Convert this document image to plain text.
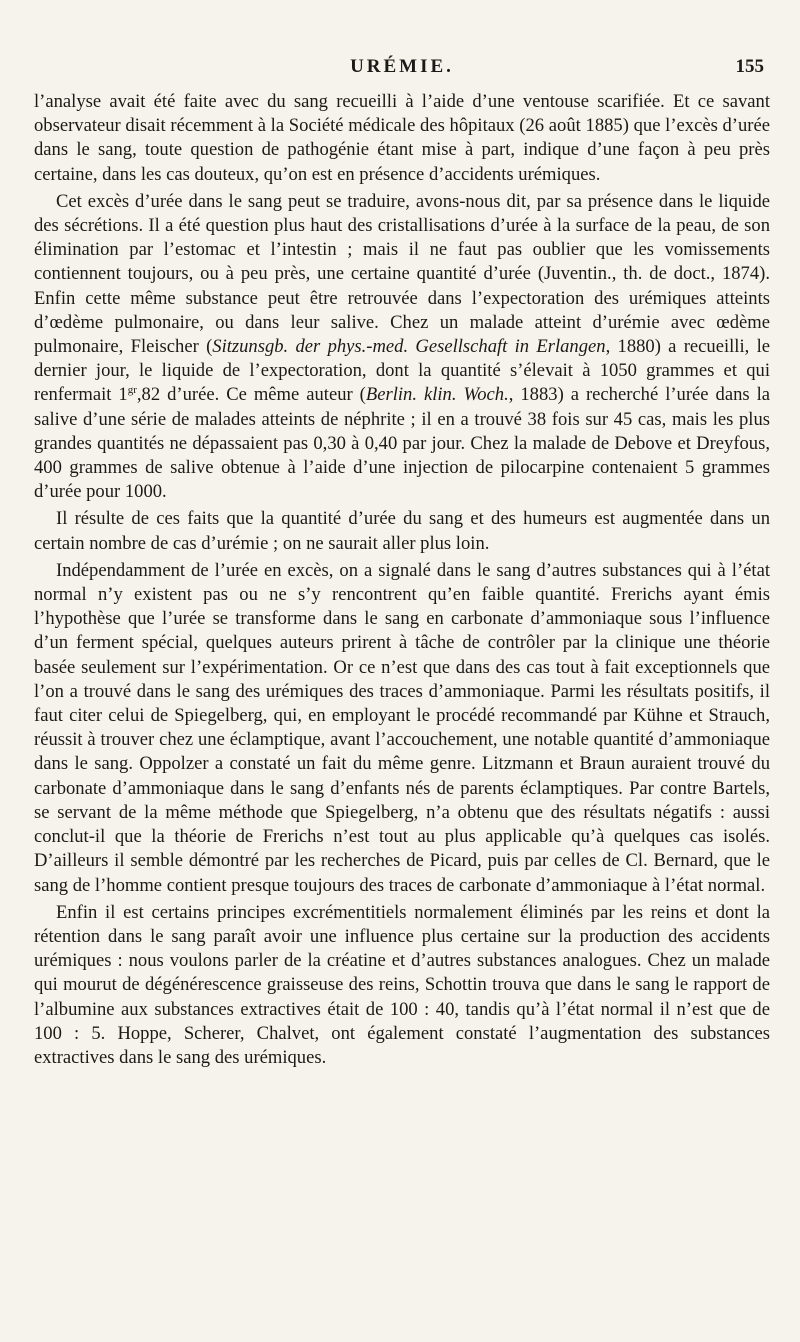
URÉMIE.	155

l’analyse avait été faite avec du sang recueilli à l’aide d’une ventouse scarifiée. Et ce savant observateur disait récemment à la Société médicale des hôpitaux (26 août 1885) que l’excès d’urée dans le sang, toute question de pathogénie étant mise à part, indique d’une façon à peu près certaine, dans les cas douteux, qu’on est en présence d’accidents urémiques.

Cet excès d’urée dans le sang peut se traduire, avons-nous dit, par sa présence dans le liquide des sécrétions. Il a été question plus haut des cristallisations d’urée à la surface de la peau, de son élimination par l’estomac et l’intestin ; mais il ne faut pas oublier que les vomissements contiennent toujours, ou à peu près, une certaine quantité d’urée (Juventin., th. de doct., 1874). Enfin cette même substance peut être retrouvée dans l’expectoration des urémiques atteints d’œdème pulmonaire, ou dans leur salive. Chez un malade atteint d’urémie avec œdème pulmonaire, Fleischer (Sitzunsgb. der phys.-med. Gesellschaft in Erlangen, 1880) a recueilli, le dernier jour, le liquide de l’expectoration, dont la quantité s’élevait à 1050 grammes et qui renfermait $1^{gr},82$ d’urée. Ce même auteur (Berlin. klin. Woch., 1883) a recherché l’urée dans la salive d’une série de malades atteints de néphrite ; il en a trouvé 38 fois sur 45 cas, mais les plus grandes quantités ne dépassaient pas 0,30 à 0,40 par jour. Chez la malade de Debove et Dreyfous, 400 grammes de salive obtenue à l’aide d’une injection de pilocarpine contenaient 5 grammes d’urée pour 1000.

Il résulte de ces faits que la quantité d’urée du sang et des humeurs est augmentée dans un certain nombre de cas d’urémie ; on ne saurait aller plus loin.

Indépendamment de l’urée en excès, on a signalé dans le sang d’autres substances qui à l’état normal n’y existent pas ou ne s’y rencontrent qu’en faible quantité. Frerichs ayant émis l’hypothèse que l’urée se transforme dans le sang en carbonate d’ammoniaque sous l’influence d’un ferment spécial, quelques auteurs prirent à tâche de contrôler par la clinique une théorie basée seulement sur l’expérimentation. Or ce n’est que dans des cas tout à fait exceptionnels que l’on a trouvé dans le sang des urémiques des traces d’ammoniaque. Parmi les résultats positifs, il faut citer celui de Spiegelberg, qui, en employant le procédé recommandé par Kühne et Strauch, réussit à trouver chez une éclamptique, avant l’accouchement, une notable quantité d’ammoniaque dans le sang. Oppolzer a constaté un fait du même genre. Litzmann et Braun auraient trouvé du carbonate d’ammoniaque dans le sang d’enfants nés de parents éclamptiques. Par contre Bartels, se servant de la même méthode que Spiegelberg, n’a obtenu que des résultats négatifs : aussi conclut-il que la théorie de Frerichs n’est tout au plus applicable qu’à quelques cas isolés. D’ailleurs il semble démontré par les recherches de Picard, puis par celles de Cl. Bernard, que le sang de l’homme contient presque toujours des traces de carbonate d’ammoniaque à l’état normal.

Enfin il est certains principes excrémentitiels normalement éliminés par les reins et dont la rétention dans le sang paraît avoir une influence plus certaine sur la production des accidents urémiques : nous voulons parler de la créatine et d’autres substances analogues. Chez un malade qui mourut de dégénérescence graisseuse des reins, Schottin trouva que dans le sang le rapport de l’albumine aux substances extractives était de 100 : 40, tandis qu’à l’état normal il n’est que de 100 : 5. Hoppe, Scherer, Chalvet, ont également constaté l’augmentation des substances extractives dans le sang des urémiques.
